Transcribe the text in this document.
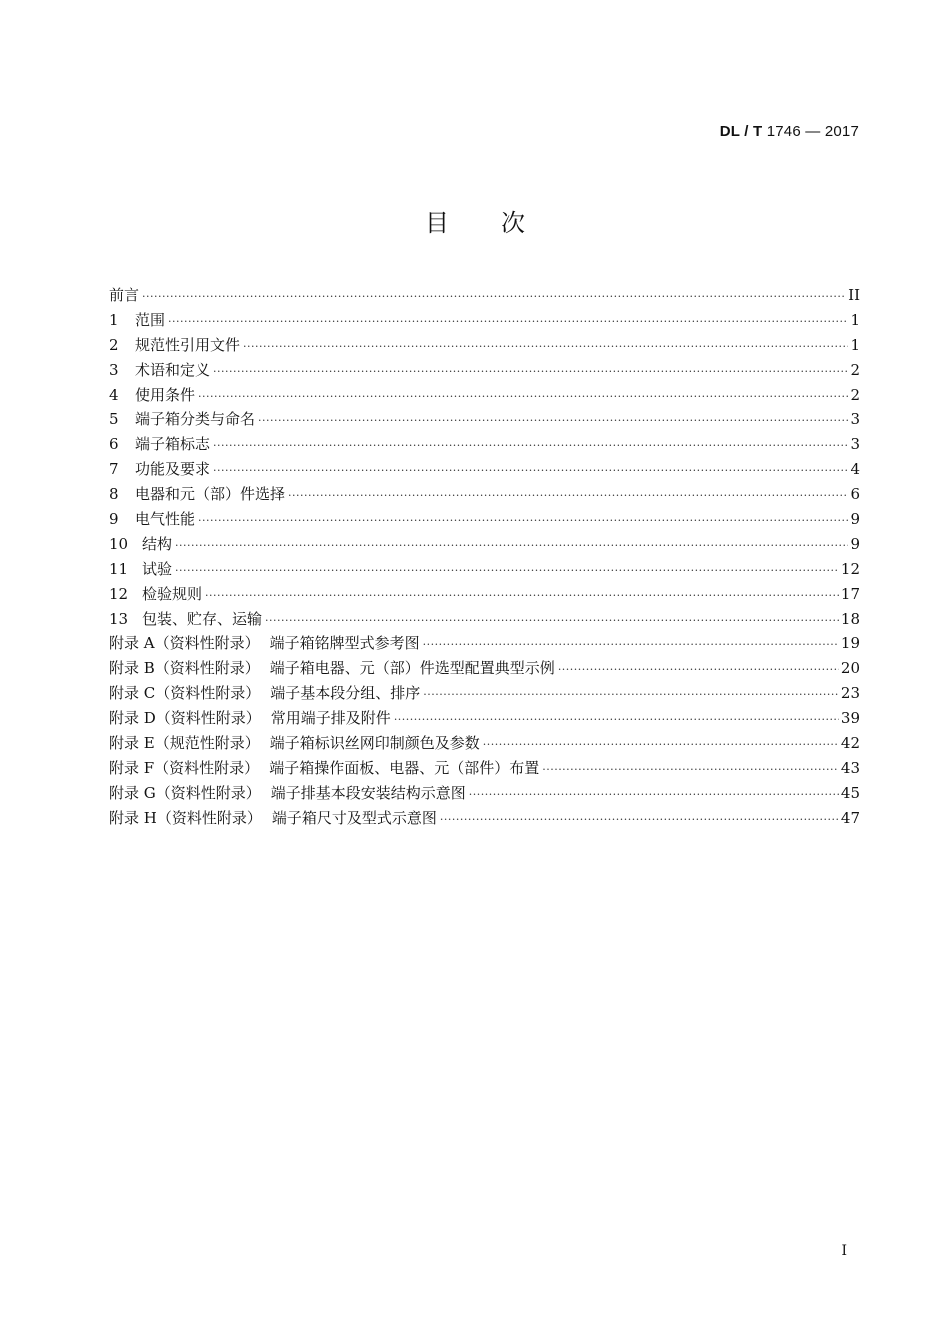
DL / T 1746 — 2017
目次
前言 ·····	II
1 范围 ·····	1
2 规范性引用文件 ·····	1
3 术语和定义 ·····	2
4 使用条件 ·····	2
5 端子箱分类与命名 ·····	3
6 端子箱标志 ·····	3
7 功能及要求 ·····	4
8 电器和元（部）件选择 ·····	6
9 电气性能 ·····	9
10 结构 ·····	9
11 试验 ·····	12
12 检验规则 ·····	17
13 包装、贮存、运输 ·····	18
附录 A（资料性附录） 端子箱铭牌型式参考图 ·····	19
附录 B（资料性附录） 端子箱电器、元（部）件选型配置典型示例 ·····	20
附录 C（资料性附录） 端子基本段分组、排序 ·····	23
附录 D（资料性附录） 常用端子排及附件 ·····	39
附录 E（规范性附录） 端子箱标识丝网印制颜色及参数 ·····	42
附录 F（资料性附录） 端子箱操作面板、电器、元（部件）布置 ·····	43
附录 G（资料性附录） 端子排基本段安装结构示意图 ·····	45
附录 H（资料性附录） 端子箱尺寸及型式示意图 ·····	47
I
